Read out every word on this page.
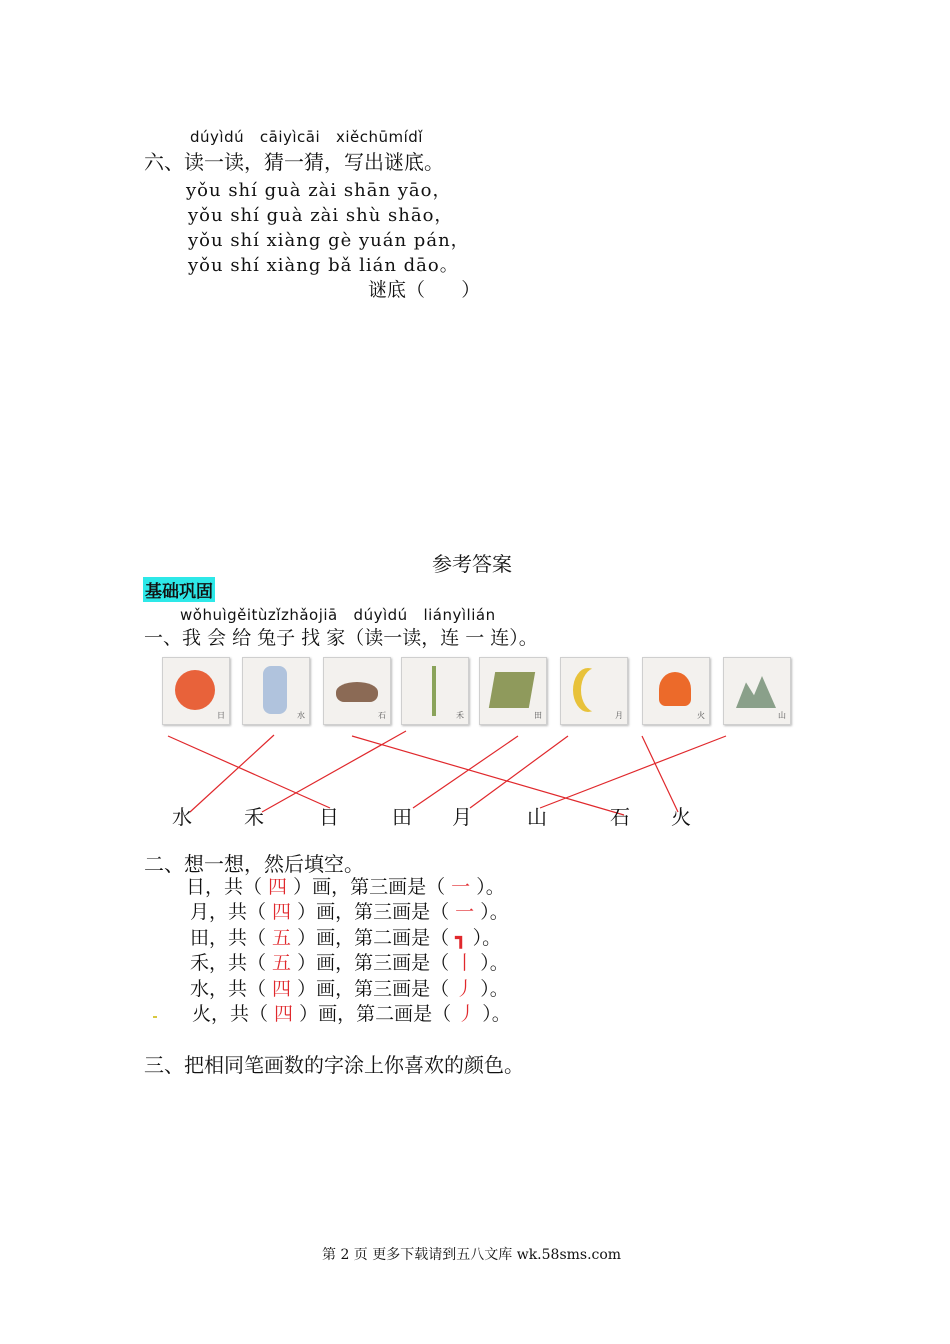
dúyìdú   cāiyìcāi   xiěchūmídǐ
六、读一读，猜一猜，写出谜底。
yǒu shí guà zài shān yāo，
yǒu shí guà zài shù shāo，
yǒu shí xiàng gè yuán pán，
yǒu shí xiàng bǎ lián dāo。
谜底（      ）
参考答案
基础巩固
wǒhuìgěitùzǐzhǎojiā   dúyìdú   liányìlián
一、我 会 给 兔子 找 家（读一读，连 一 连）。
日	水	石	禾	田	月	火	山
水	禾	日	田 月	山	石 火
二、想一想，然后填空。
日，共（ 四 ）画，第三画是（ 一 ）。
月，共（ 四 ）画，第三画是（ 一 ）。
田，共（ 五 ）画，第二画是（ ┓ ）。
禾，共（ 五 ）画，第三画是（ 丨 ）。
水，共（ 四 ）画，第三画是（ 丿 ）。
火，共（ 四 ）画，第二画是（ 丿 ）。
三、把相同笔画数的字涂上你喜欢的颜色。
第 2 页 更多下载请到五八文库 wk.58sms.com
